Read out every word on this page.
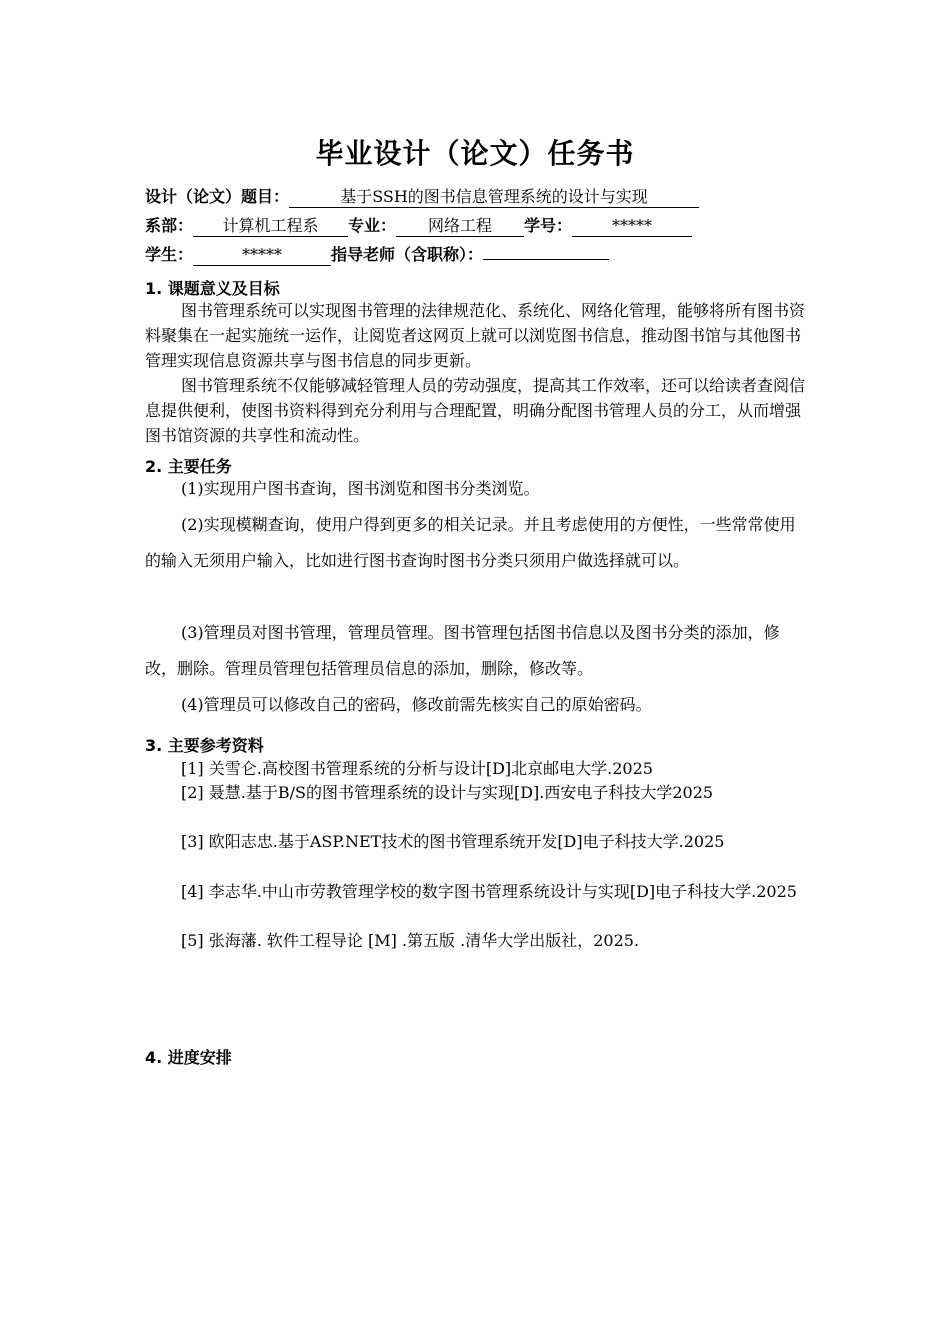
毕业设计（论文）任务书
设计（论文）题目：	基于SSH的图书信息管理系统的设计与实现
系部： 计算机工程系 专业： 网络工程 学号：	*****
学生：	*****	指导老师（含职称）：
1. 课题意义及目标
图书管理系统可以实现图书管理的法律规范化、系统化、网络化管理，能够将所有图书资料聚集在一起实施统一运作，让阅览者这网页上就可以浏览图书信息，推动图书馆与其他图书管理实现信息资源共享与图书信息的同步更新。
图书管理系统不仅能够减轻管理人员的劳动强度，提高其工作效率，还可以给读者查阅信息提供便利，使图书资料得到充分利用与合理配置，明确分配图书管理人员的分工，从而增强图书馆资源的共享性和流动性。
2. 主要任务
(1)实现用户图书查询，图书浏览和图书分类浏览。
(2)实现模糊查询，使用户得到更多的相关记录。并且考虑使用的方便性，一些常常使用的输入无须用户输入，比如进行图书查询时图书分类只须用户做选择就可以。
(3)管理员对图书管理，管理员管理。图书管理包括图书信息以及图书分类的添加，修改，删除。管理员管理包括管理员信息的添加，删除，修改等。
(4)管理员可以修改自己的密码，修改前需先核实自己的原始密码。
3. 主要参考资料
[1] 关雪仑.高校图书管理系统的分析与设计[D]北京邮电大学.2025
[2] 聂慧.基于B/S的图书管理系统的设计与实现[D].西安电子科技大学2025
[3] 欧阳志忠.基于ASP.NET技术的图书管理系统开发[D]电子科技大学.2025
[4] 李志华.中山市劳教管理学校的数字图书管理系统设计与实现[D]电子科技大学.2025
[5] 张海藩. 软件工程导论 [M] .第五版 .清华大学出版社，2025.
4. 进度安排
